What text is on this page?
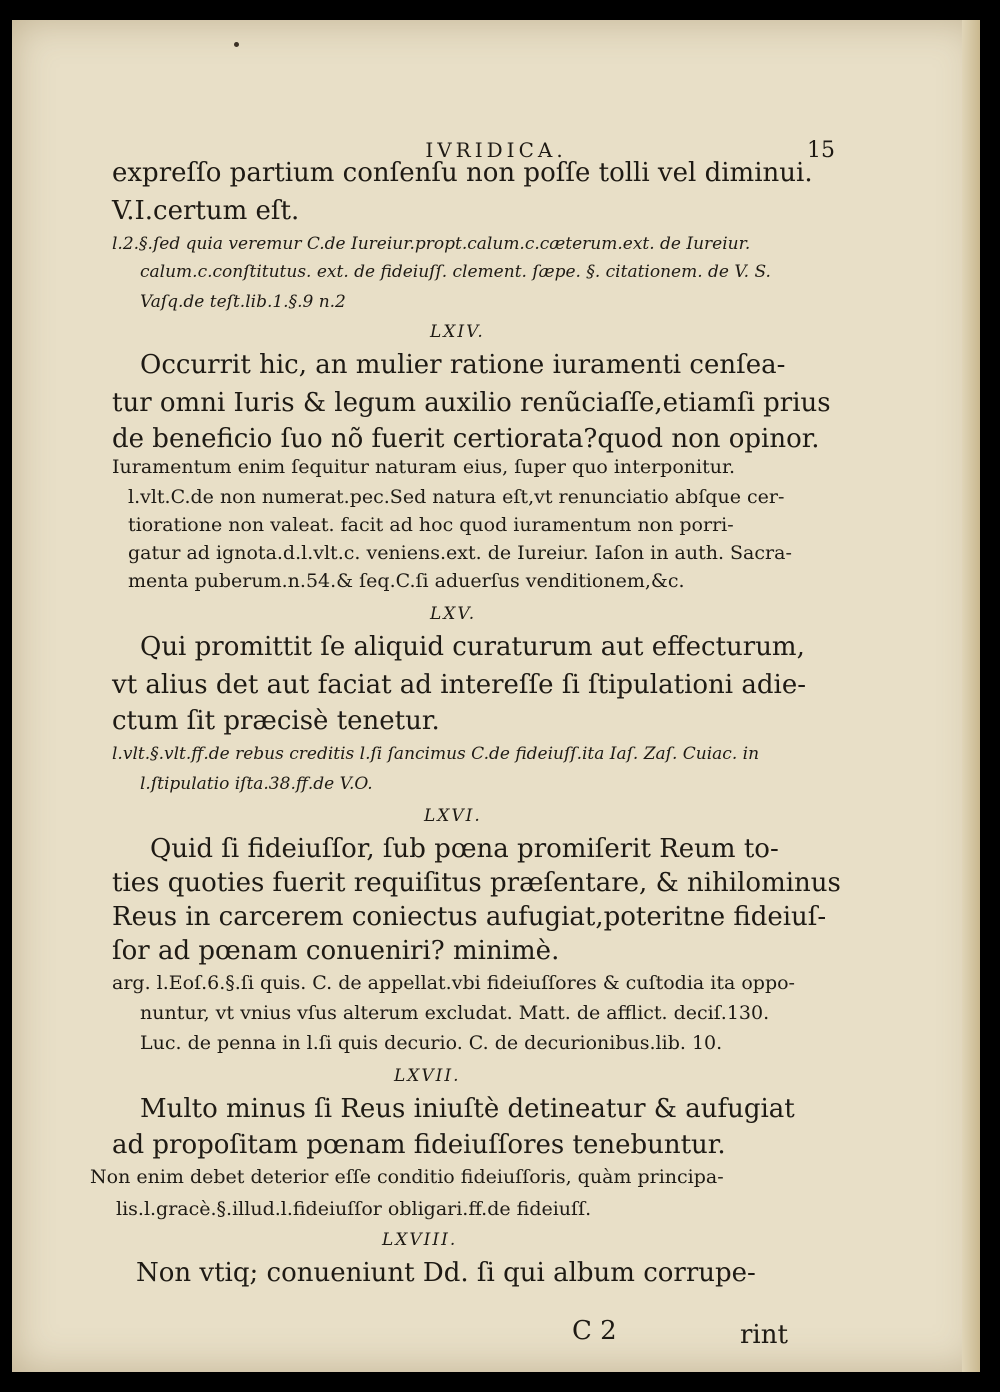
IVRIDICA.	15
expreſſo partium conſenſu non poſſe tolli vel diminui.
V.I.certum eſt.
l.2.§.ſed quia veremur C.de Iureiur.propt.calum.c.cæterum.ext. de Iureiur.
calum.c.conſtitutus. ext. de fideiuſſ. clement. ſæpe. §. citationem. de V. S.
Vaſq.de teſt.lib.1.§.9 n.2
LXIV.
Occurrit hic, an mulier ratione iuramenti cenſea-
tur omni Iuris & legum auxilio renũciaſſe,etiamſi prius
de beneficio ſuo nõ fuerit certiorata?quod non opinor.
Iuramentum enim ſequitur naturam eius, ſuper quo interponitur.
l.vlt.C.de non numerat.pec.Sed natura eſt,vt renunciatio abſque cer-
tioratione non valeat. facit ad hoc quod iuramentum non porri-
gatur ad ignota.d.l.vlt.c. veniens.ext. de Iureiur. Iaſon in auth. Sacra-
menta puberum.n.54.& ſeq.C.ſi aduerſus venditionem,&c.
LXV.
Qui promittit ſe aliquid curaturum aut effecturum,
vt alius det aut faciat ad intereſſe ſi ſtipulationi adie-
ctum ſit præcisè tenetur.
l.vlt.§.vlt.ff.de rebus creditis l.ſi ſancimus C.de fideiuſſ.ita Iaſ. Zaſ. Cuiac. in
l.ſtipulatio iſta.38.ff.de V.O.
LXVI.
Quid ſi fideiuſſor, ſub pœna promiſerit Reum to-
ties quoties fuerit requiſitus præſentare, & nihilominus
Reus in carcerem coniectus aufugiat,poteritne fideiuſ-
ſor ad pœnam conueniri? minimè.
arg. l.Eoſ.6.§.ſi quis. C. de appellat.vbi fideiuſſores & cuſtodia ita oppo-
nuntur, vt vnius vſus alterum excludat. Matt. de afflict. deciſ.130.
Luc. de penna in l.ſi quis decurio. C. de decurionibus.lib. 10.
LXVII.
Multo minus ſi Reus iniuſtè detineatur & aufugiat
ad propoſitam pœnam fideiuſſores tenebuntur.
Non enim debet deterior eſſe conditio fideiuſſoris, quàm principa-
lis.l.gracè.§.illud.l.fideiuſſor obligari.ff.de fideiuſſ.
LXVIII.
Non vtiq; conueniunt Dd. ſi qui album corrupe-
C 2	rint
